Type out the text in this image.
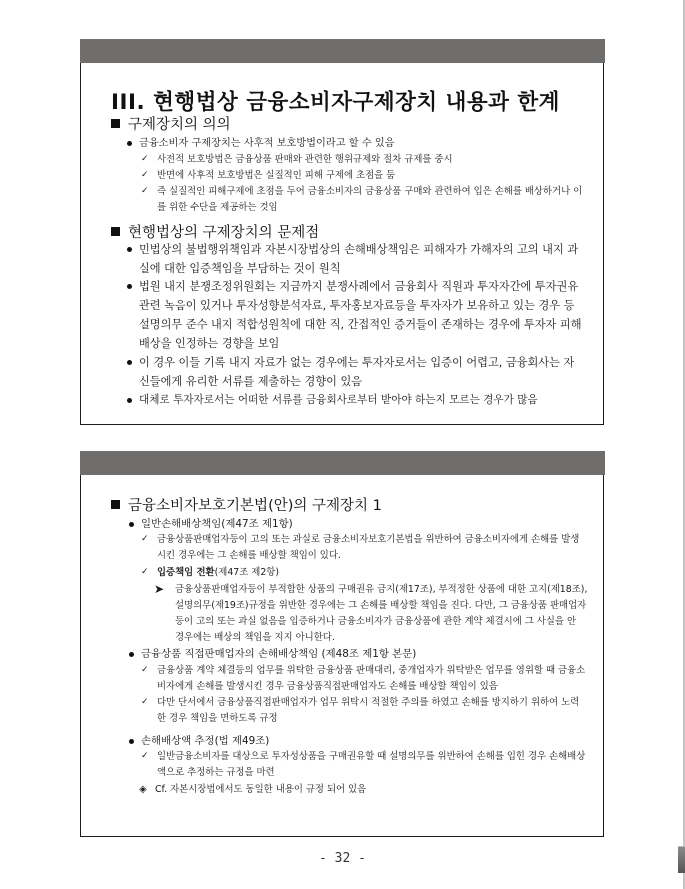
III. 현행법상 금융소비자구제장치 내용과 한계
구제장치의 의의
금융소비자 구제장치는 사후적 보호방법이라고 할 수 있음
✓ 사전적 보호방법은 금융상품 판매와 관련한 행위규제와 절차 규제를 중시
✓ 반면에 사후적 보호방법은 실질적인 피해 구제에 초점을 둠
✓ 즉 실질적인 피해구제에 초점을 두어 금융소비자의 금융상품 구매와 관련하여 입은 손해를 배상하거나 이를 위한 수단을 제공하는 것임
현행법상의 구제장치의 문제점
민법상의 불법행위책임과 자본시장법상의 손해배상책임은 피해자가 가해자의 고의 내지 과실에 대한 입증책임을 부담하는 것이 원칙
법원 내지 분쟁조정위원회는 지금까지 분쟁사례에서 금융회사 직원과 투자자간에 투자권유 관련 녹음이 있거나 투자성향분석자료, 투자홍보자료등을 투자자가 보유하고 있는 경우 등 설명의무 준수 내지 적합성원칙에 대한 직, 간접적인 증거들이 존재하는 경우에 투자자 피해 배상을 인정하는 경향을 보임
이 경우 이들 기록 내지 자료가 없는 경우에는 투자자로서는 입증이 어렵고, 금융회사는 자신들에게 유리한 서류를 제출하는 경향이 있음
대체로 투자자로서는 어떠한 서류를 금융회사로부터 받아야 하는지 모르는 경우가 많음
금융소비자보호기본법(안)의 구제장치 1
일반손해배상책임(제47조 제1항)
✓ 금융상품판매업자등이 고의 또는 과실로 금융소비자보호기본법을 위반하여 금융소비자에게 손해를 발생시킨 경우에는 그 손해를 배상할 책임이 있다.
✓ 입증책임 전환(제47조 제2항)
➤	금융상품판매업자등이 부적합한 상품의 구매권유 금지(제17조), 부적정한 상품에 대한 고지(제18조), 설명의무(제19조)규정을 위반한 경우에는 그 손해를 배상할 책임을 진다. 다만, 그 금융상품 판매업자등이 고의 또는 과실 없음을 입증하거나 금융소비자가 금융상품에 관한 계약 체결시에 그 사실을 안 경우에는 배상의 책임을 지지 아니한다.
금융상품 직접판매업자의 손해배상책임 (제48조 제1항 본문)
✓ 금융상품 계약 체결등의 업무를 위탁한 금융상품 판매대리, 중개업자가 위탁받은 업무를 영위할 때 금융소비자에게 손해를 발생시킨 경우 금융상품직접판매업자도 손해를 배상할 책임이 있음
✓ 다만 단서에서 금융상품직접판매업자가 업무 위탁시 적절한 주의를 하였고 손해를 방지하기 위하여 노력한 경우 책임을 면하도록 규정
손해배상액 추정(법 제49조)
✓ 일반금융소비자를 대상으로 투자성상품을 구매권유할 때 설명의무를 위반하여 손해를 입힌 경우 손해배상액으로 추정하는 규정을 마련
◈ Cf. 자본시장법에서도 동일한 내용이 규정 되어 있음
- 32 -
